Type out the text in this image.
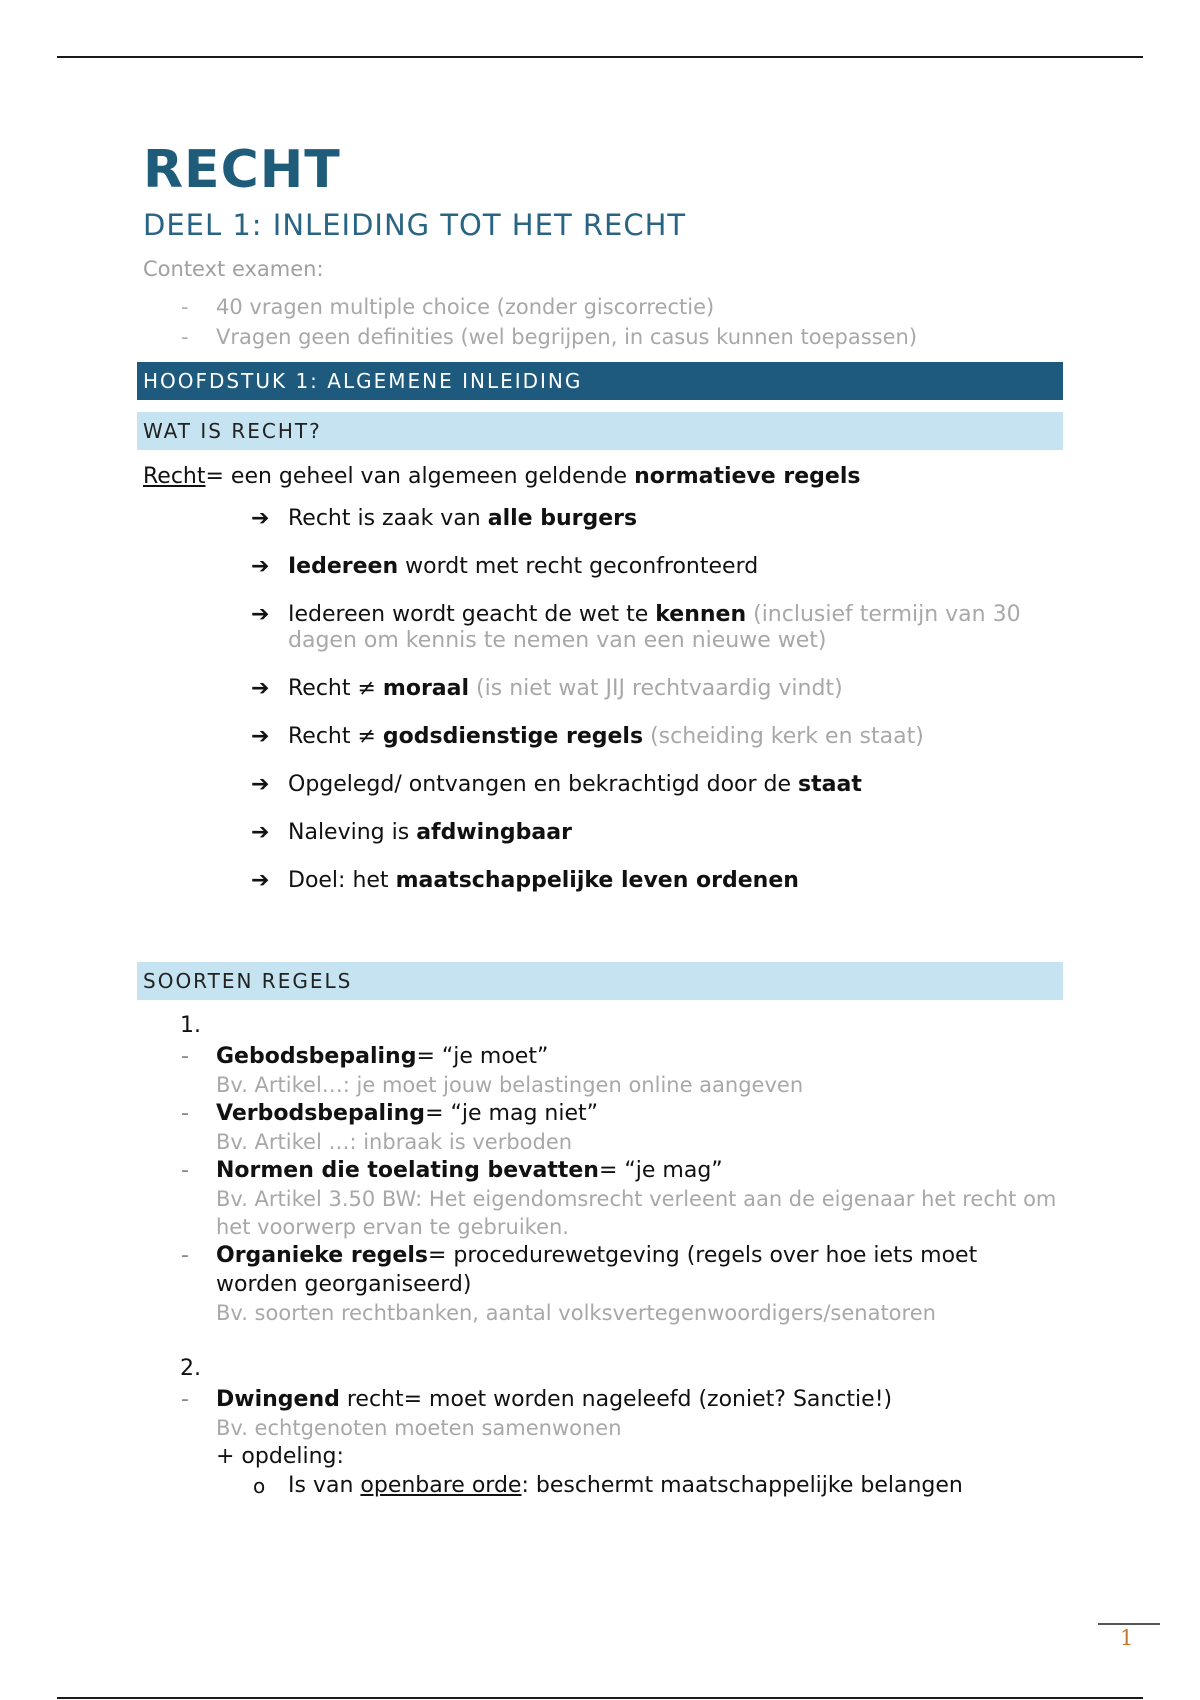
RECHT
DEEL 1: INLEIDING TOT HET RECHT
Context examen:
- 40 vragen multiple choice (zonder giscorrectie)
- Vragen geen definities (wel begrijpen, in casus kunnen toepassen)
HOOFDSTUK 1: ALGEMENE INLEIDING
WAT IS RECHT?
Recht= een geheel van algemeen geldende normatieve regels
➔ Recht is zaak van alle burgers
➔ Iedereen wordt met recht geconfronteerd
➔ Iedereen wordt geacht de wet te kennen (inclusief termijn van 30 dagen om kennis te nemen van een nieuwe wet)
➔ Recht ≠ moraal (is niet wat JIJ rechtvaardig vindt)
➔ Recht ≠ godsdienstige regels (scheiding kerk en staat)
➔ Opgelegd/ ontvangen en bekrachtigd door de staat
➔ Naleving is afdwingbaar
➔ Doel: het maatschappelijke leven ordenen
SOORTEN REGELS
1.
- Gebodsbepaling= “je moet”
Bv. Artikel…: je moet jouw belastingen online aangeven
- Verbodsbepaling= “je mag niet”
Bv. Artikel …: inbraak is verboden
- Normen die toelating bevatten= “je mag”
Bv. Artikel 3.50 BW: Het eigendomsrecht verleent aan de eigenaar het recht om het voorwerp ervan te gebruiken.
- Organieke regels= procedurewetgeving (regels over hoe iets moet worden georganiseerd)
Bv. soorten rechtbanken, aantal volksvertegenwoordigers/senatoren
2.
- Dwingend recht= moet worden nageleefd (zoniet? Sanctie!)
Bv. echtgenoten moeten samenwonen
+ opdeling:
o Is van openbare orde: beschermt maatschappelijke belangen
1
